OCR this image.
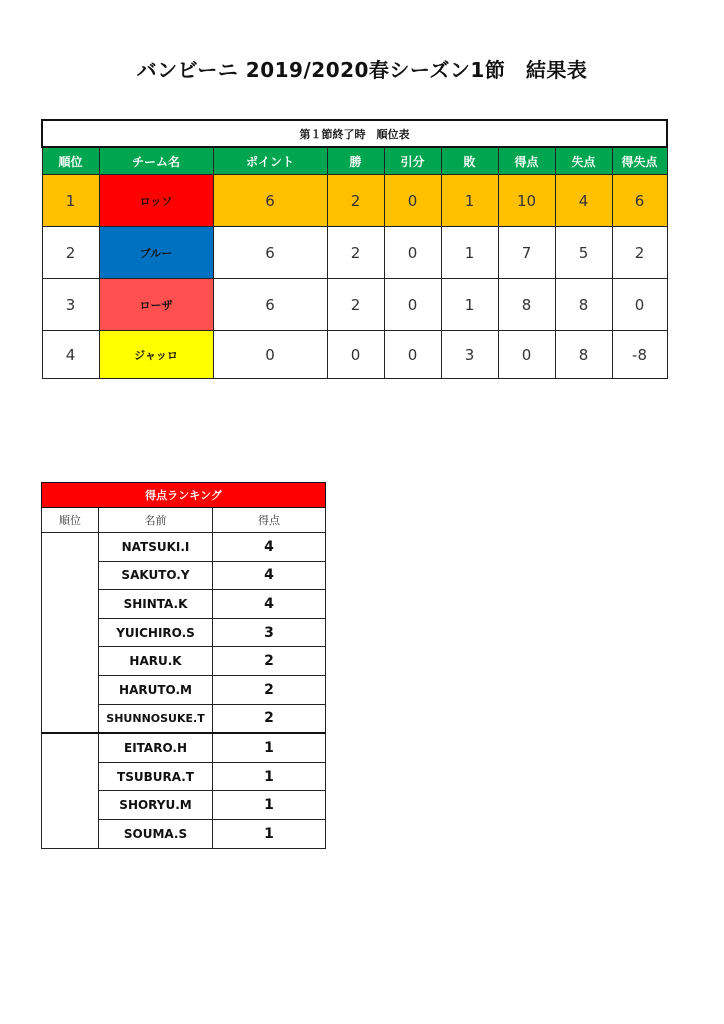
バンビーニ 2019/2020春シーズン1節　結果表
第１節終了時　順位表								
順位	チーム名	ポイント	勝	引分	敗	得点	失点	得失点
1	ロッソ	6	2	0	1	10	4	6
2	ブルー	6	2	0	1	7	5	2
3	ローザ	6	2	0	1	8	8	0
4	ジャッロ	0	0	0	3	0	8	-8
得点ランキング		
順位	名前	得点
	NATSUKI.I	4
	SAKUTO.Y	4
	SHINTA.K	4
	YUICHIRO.S	3
	HARU.K	2
	HARUTO.M	2
	SHUNNOSUKE.T	2
	EITARO.H	1
	TSUBURA.T	1
	SHORYU.M	1
	SOUMA.S	1
